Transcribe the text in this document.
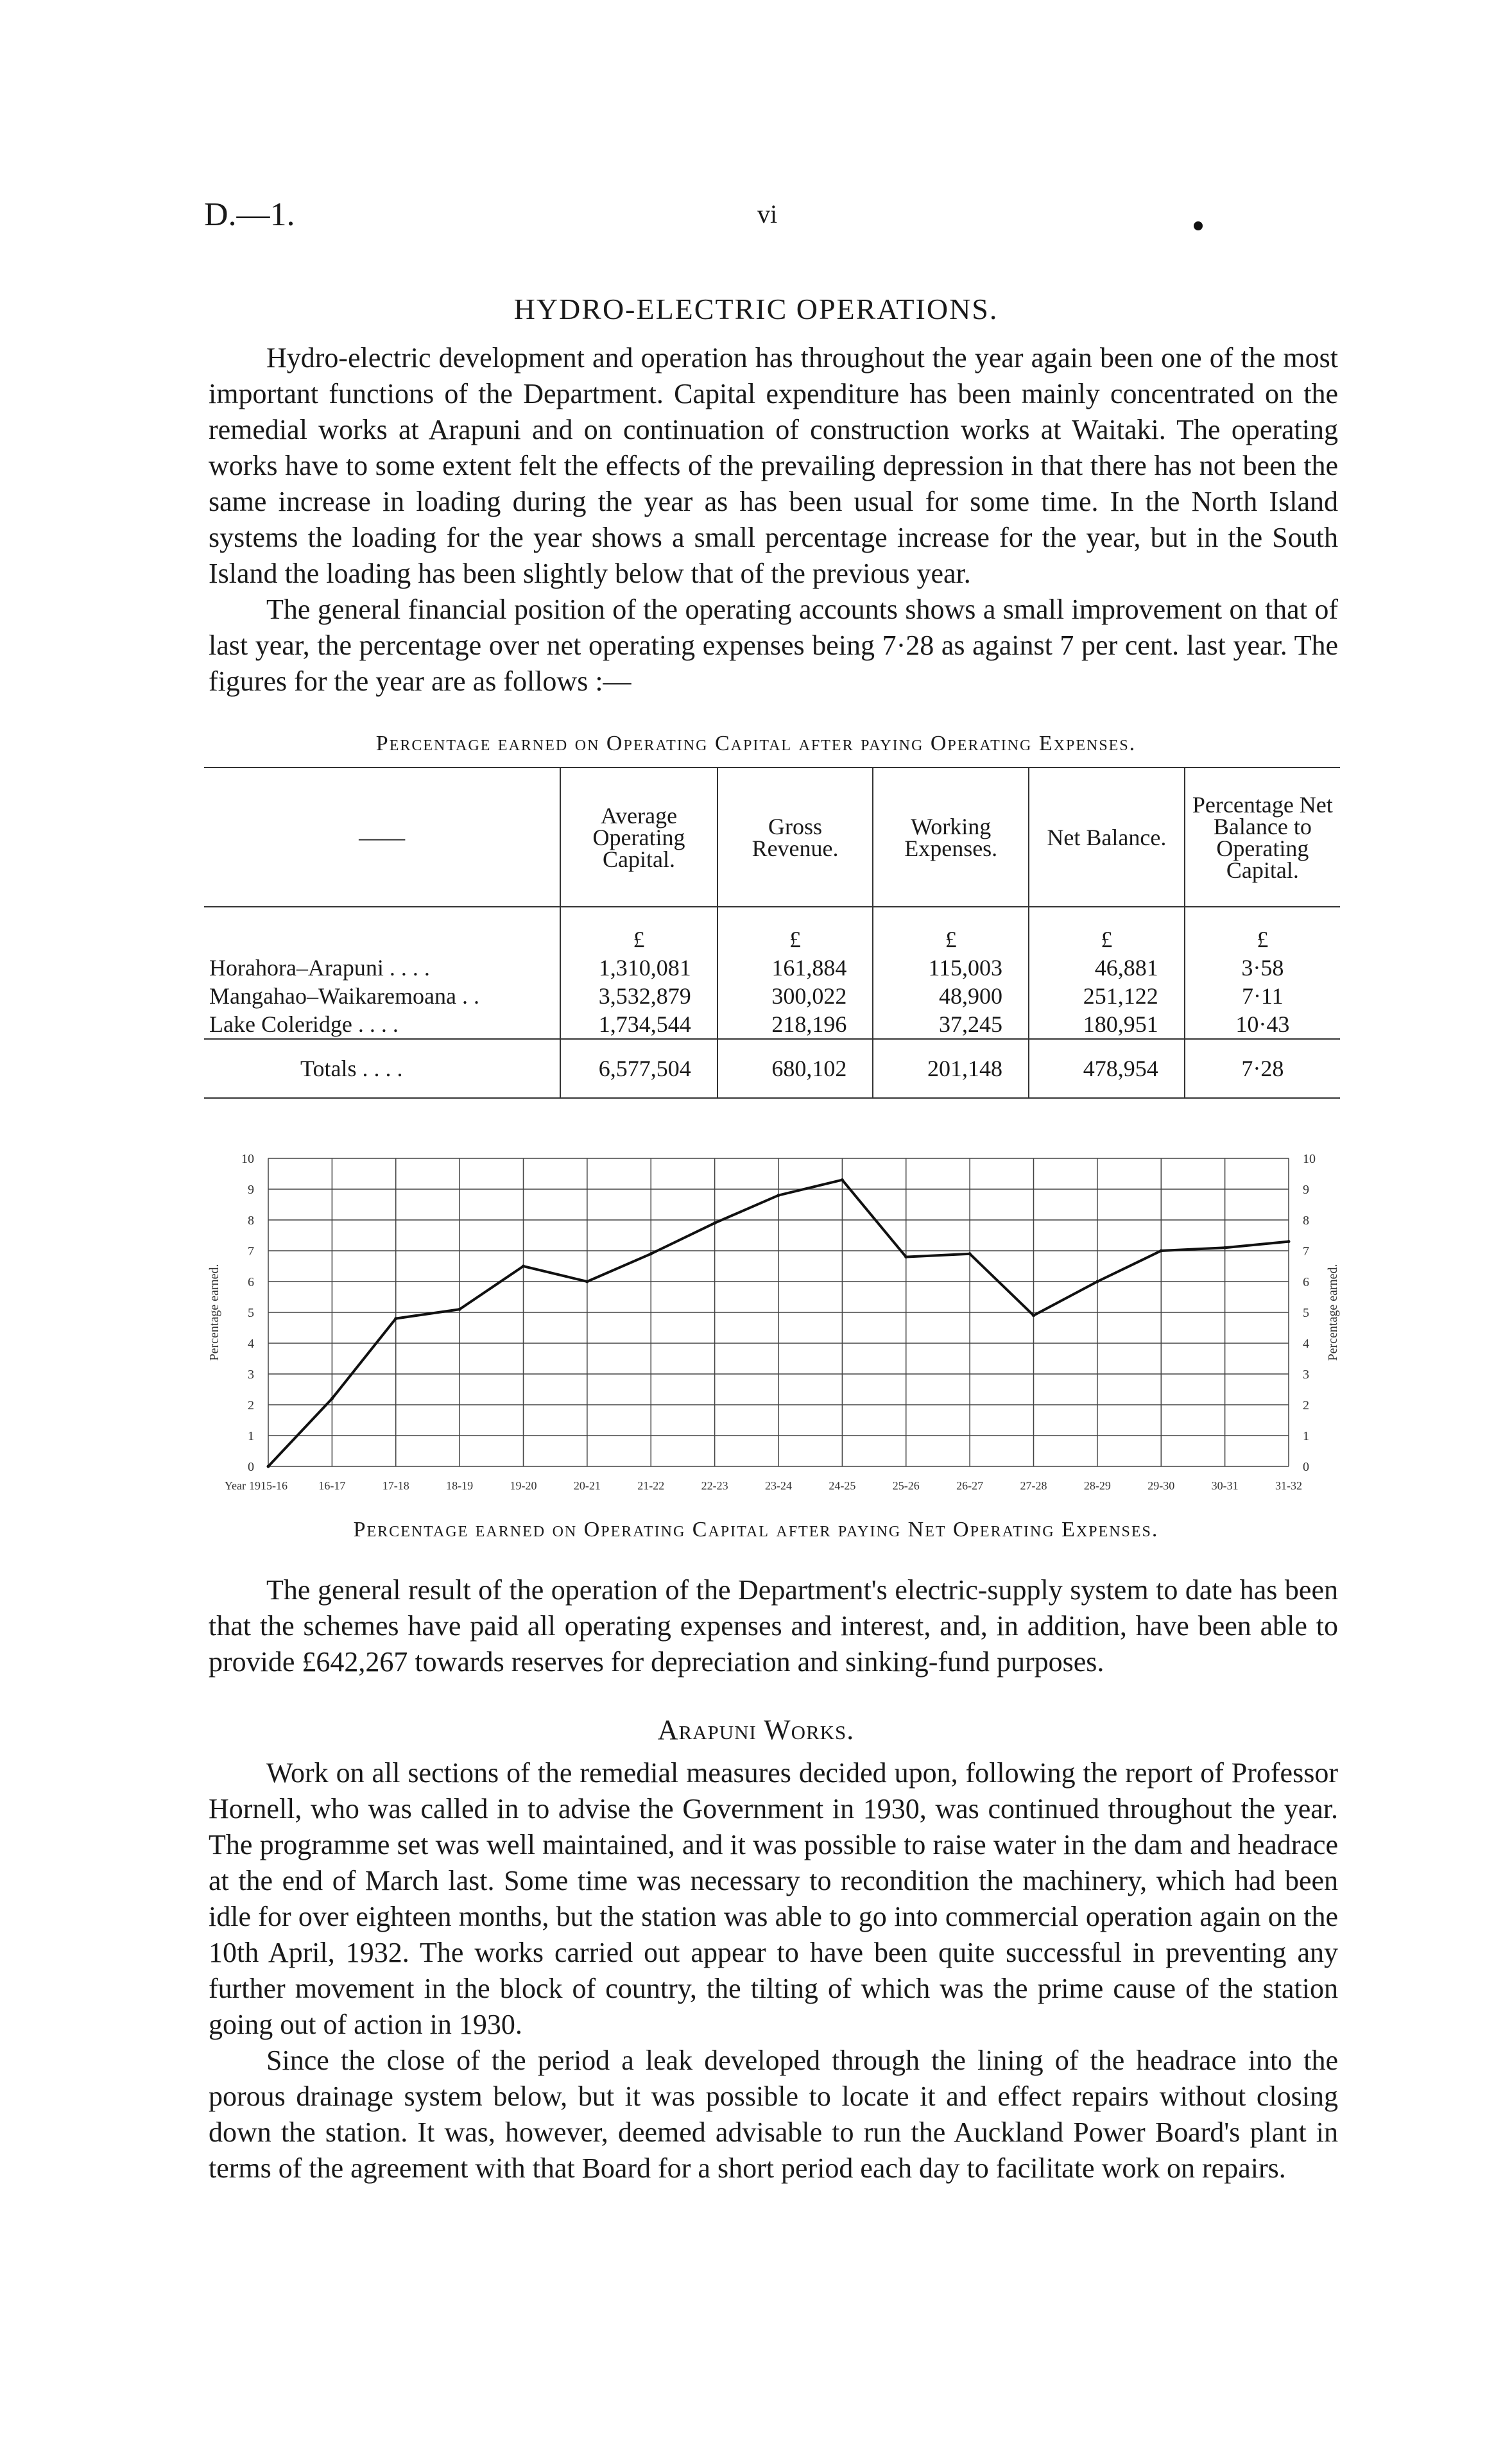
D.—1.	vi
HYDRO-ELECTRIC OPERATIONS.

Hydro-electric development and operation has throughout the year again been one of the most important functions of the Department. Capital expenditure has been mainly concentrated on the remedial works at Arapuni and on continuation of construction works at Waitaki. The operating works have to some extent felt the effects of the prevailing depression in that there has not been the same increase in loading during the year as has been usual for some time. In the North Island systems the loading for the year shows a small percentage increase for the year, but in the South Island the loading has been slightly below that of the previous year.

The general financial position of the operating accounts shows a small improvement on that of last year, the percentage over net operating expenses being 7·28 as against 7 per cent. last year. The figures for the year are as follows :—

Percentage earned on Operating Capital after paying Operating Expenses.
——	Average Operating Capital.	Gross Revenue.	Working Expenses.	Net Balance.	Percentage Net Balance to Operating Capital.
	£	£	£	£	£
Horahora–Arapuni . . . .	1,310,081	161,884	115,003	46,881	3·58
Mangahao–Waikaremoana . .	3,532,879	300,022	48,900	251,122	7·11
Lake Coleridge . . . .	1,734,544	218,196	37,245	180,951	10·43
Totals . . . .	6,577,504	680,102	201,148	478,954	7·28
0	0
1	1
2	2
3	3
4	4
5	5
6	6
7	7
8	8
9	9
10	10
Year 1915-16	16-17	17-18	18-19	19-20	20-21	21-22	22-23	23-24	24-25	25-26	26-27	27-28	28-29	29-30	30-31	31-32
Percentage earned.	Percentage earned.
Percentage earned on Operating Capital after paying Net Operating Expenses.

The general result of the operation of the Department's electric-supply system to date has been that the schemes have paid all operating expenses and interest, and, in addition, have been able to provide £642,267 towards reserves for depreciation and sinking-fund purposes.

Arapuni Works.

Work on all sections of the remedial measures decided upon, following the report of Professor Hornell, who was called in to advise the Government in 1930, was continued throughout the year. The programme set was well maintained, and it was possible to raise water in the dam and headrace at the end of March last. Some time was necessary to recondition the machinery, which had been idle for over eighteen months, but the station was able to go into commercial operation again on the 10th April, 1932. The works carried out appear to have been quite successful in preventing any further movement in the block of country, the tilting of which was the prime cause of the station going out of action in 1930.

Since the close of the period a leak developed through the lining of the headrace into the porous drainage system below, but it was possible to locate it and effect repairs without closing down the station. It was, however, deemed advisable to run the Auckland Power Board's plant in terms of the agreement with that Board for a short period each day to facilitate work on repairs.
